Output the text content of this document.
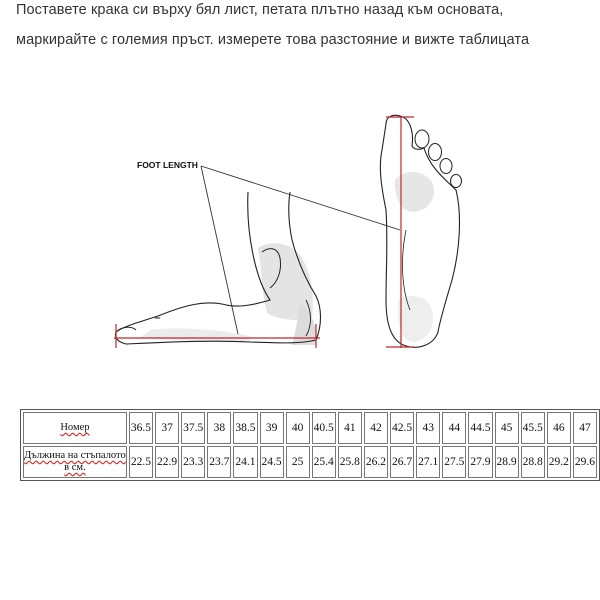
Поставете крака си върху бял лист, петата плътно назад към основата,
маркирайте с големия пръст. измерете това разстояние и вижте таблицата
FOOT LENGTH
Номер	36.5	37	37.5	38	38.5	39	40	40.5	41	42	42.5	43	44	44.5	45	45.5	46	47
Дължина на стъпалото в см.	22.5	22.9	23.3	23.7	24.1	24.5	25	25.4	25.8	26.2	26.7	27.1	27.5	27.9	28.9	28.8	29.2	29.6
